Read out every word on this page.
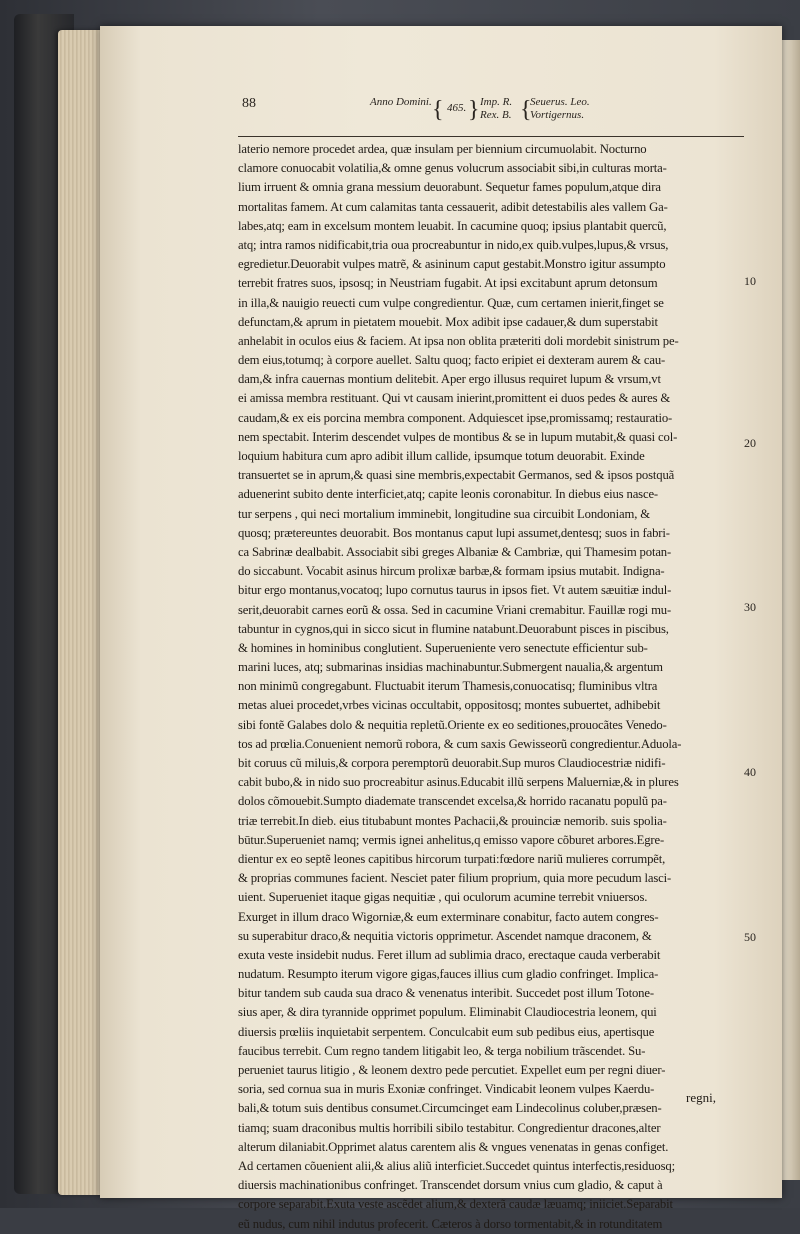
88	Anno Domini. { 465. } Imp. R. Rex. B. {
Seuerus. Leo. Vortigernus.
laterio nemore procedet ardea, quæ insulam per biennium circumuolabit. Nocturno
clamore conuocabit volatilia,& omne genus volucrum associabit sibi,in culturas morta-
lium irruent & omnia grana messium deuorabunt. Sequetur fames populum,atque dira
mortalitas famem. At cum calamitas tanta cessauerit, adibit detestabilis ales vallem Ga-
labes,atq; eam in excelsum montem leuabit. In cacumine quoq; ipsius plantabit quercũ,
atq; intra ramos nidificabit,tria oua procreabuntur in nido,ex quib.vulpes,lupus,& vrsus,
egredietur.Deuorabit vulpes matrẽ, & asininum caput gestabit.Monstro igitur assumpto
terrebit fratres suos, ipsosq; in Neustriam fugabit. At ipsi excitabunt aprum detonsum
in illa,& nauigio reuecti cum vulpe congredientur. Quæ, cum certamen inierit,finget se
defunctam,& aprum in pietatem mouebit. Mox adibit ipse cadauer,& dum superstabit
anhelabit in oculos eius & faciem. At ipsa non oblita præteriti doli mordebit sinistrum pe-
dem eius,totumq; à corpore auellet. Saltu quoq; facto eripiet ei dexteram aurem & cau-
dam,& infra cauernas montium delitebit. Aper ergo illusus requiret lupum & vrsum,vt
ei amissa membra restituant. Qui vt causam inierint,promittent ei duos pedes & aures &
caudam,& ex eis porcina membra component. Adquiescet ipse,promissamq; restauratio-
nem spectabit. Interim descendet vulpes de montibus & se in lupum mutabit,& quasi col-
loquium habitura cum apro adibit illum callide, ipsumque totum deuorabit. Exinde
transuertet se in aprum,& quasi sine membris,expectabit Germanos, sed & ipsos postquã
aduenerint subito dente interficiet,atq; capite leonis coronabitur. In diebus eius nasce-
tur serpens , qui neci mortalium imminebit, longitudine sua circuibit Londoniam, &
quosq; prætereuntes deuorabit. Bos montanus caput lupi assumet,dentesq; suos in fabri-
ca Sabrinæ dealbabit. Associabit sibi greges Albaniæ & Cambriæ, qui Thamesim potan-
do siccabunt. Vocabit asinus hircum prolixæ barbæ,& formam ipsius mutabit. Indigna-
bitur ergo montanus,vocatoq; lupo cornutus taurus in ipsos fiet. Vt autem sæuitiæ indul-
serit,deuorabit carnes eorũ & ossa. Sed in cacumine Vriani cremabitur. Fauillæ rogi mu-
tabuntur in cygnos,qui in sicco sicut in flumine natabunt.Deuorabunt pisces in piscibus,
& homines in hominibus conglutient. Superueniente vero senectute efficientur sub-
marini luces, atq; submarinas insidias machinabuntur.Submergent naualia,& argentum
non minimũ congregabunt. Fluctuabit iterum Thamesis,conuocatisq; fluminibus vltra
metas aluei procedet,vrbes vicinas occultabit, oppositosq; montes subuertet, adhibebit
sibi fontẽ Galabes dolo & nequitia repletũ.Oriente ex eo seditiones,prouocãtes Venedo-
tos ad prœlia.Conuenient nemorũ robora, & cum saxis Gewisseorũ congredientur.Aduola-
bit coruus cũ miluis,& corpora peremptorũ deuorabit.Sup muros Claudiocestriæ nidifi-
cabit bubo,& in nido suo procreabitur asinus.Educabit illũ serpens Maluerniæ,& in plures
dolos cõmouebit.Sumpto diademate transcendet excelsa,& horrido racanatu populũ pa-
triæ terrebit.In dieb. eius titubabunt montes Pachacii,& prouinciæ nemorib. suis spolia-
būtur.Superueniet namq; vermis ignei anhelitus,q emisso vapore cõburet arbores.Egre-
dientur ex eo septẽ leones capitibus hircorum turpati:fœdore nariũ mulieres corrumpẽt,
& proprias communes facient. Nesciet pater filium proprium, quia more pecudum lasci-
uient. Superueniet itaque gigas nequitiæ , qui oculorum acumine terrebit vniuersos.
Exurget in illum draco Wigorniæ,& eum exterminare conabitur, facto autem congres-
su superabitur draco,& nequitia victoris opprimetur. Ascendet namque draconem, &
exuta veste insidebit nudus. Feret illum ad sublimia draco, erectaque cauda verberabit
nudatum. Resumpto iterum vigore gigas,fauces illius cum gladio confringet. Implica-
bitur tandem sub cauda sua draco & venenatus interibit. Succedet post illum Totone-
sius aper, & dira tyrannide opprimet populum. Eliminabit Claudiocestria leonem, qui
diuersis prœliis inquietabit serpentem. Conculcabit eum sub pedibus eius, apertisque
faucibus terrebit. Cum regno tandem litigabit leo, & terga nobilium trãscendet. Su-
perueniet taurus litigio , & leonem dextro pede percutiet. Expellet eum per regni diuer-
soria, sed cornua sua in muris Exoniæ confringet. Vindicabit leonem vulpes Kaerdu-
bali,& totum suis dentibus consumet.Circumcinget eam Lindecolinus coluber,præsen-
tiamq; suam draconibus multis horribili sibilo testabitur. Congredientur dracones,alter
alterum dilaniabit.Opprimet alatus carentem alis & vngues venenatas in genas configet.
Ad certamen cõuenient alii,& alius aliũ interficiet.Succedet quintus interfectis,residuosq;
diuersis machinationibus confringet. Transcendet dorsum vnius cum gladio, & caput à
corpore separabit.Exuta veste ascẽdet alium,& dexterã caudæ læuamq; iniiciet.Separabit
eũ nudus, cum nihil indutus profecerit. Cæteros à dorso tormentabit,& in rotunditatem
10
20
30
40
50
regni,
